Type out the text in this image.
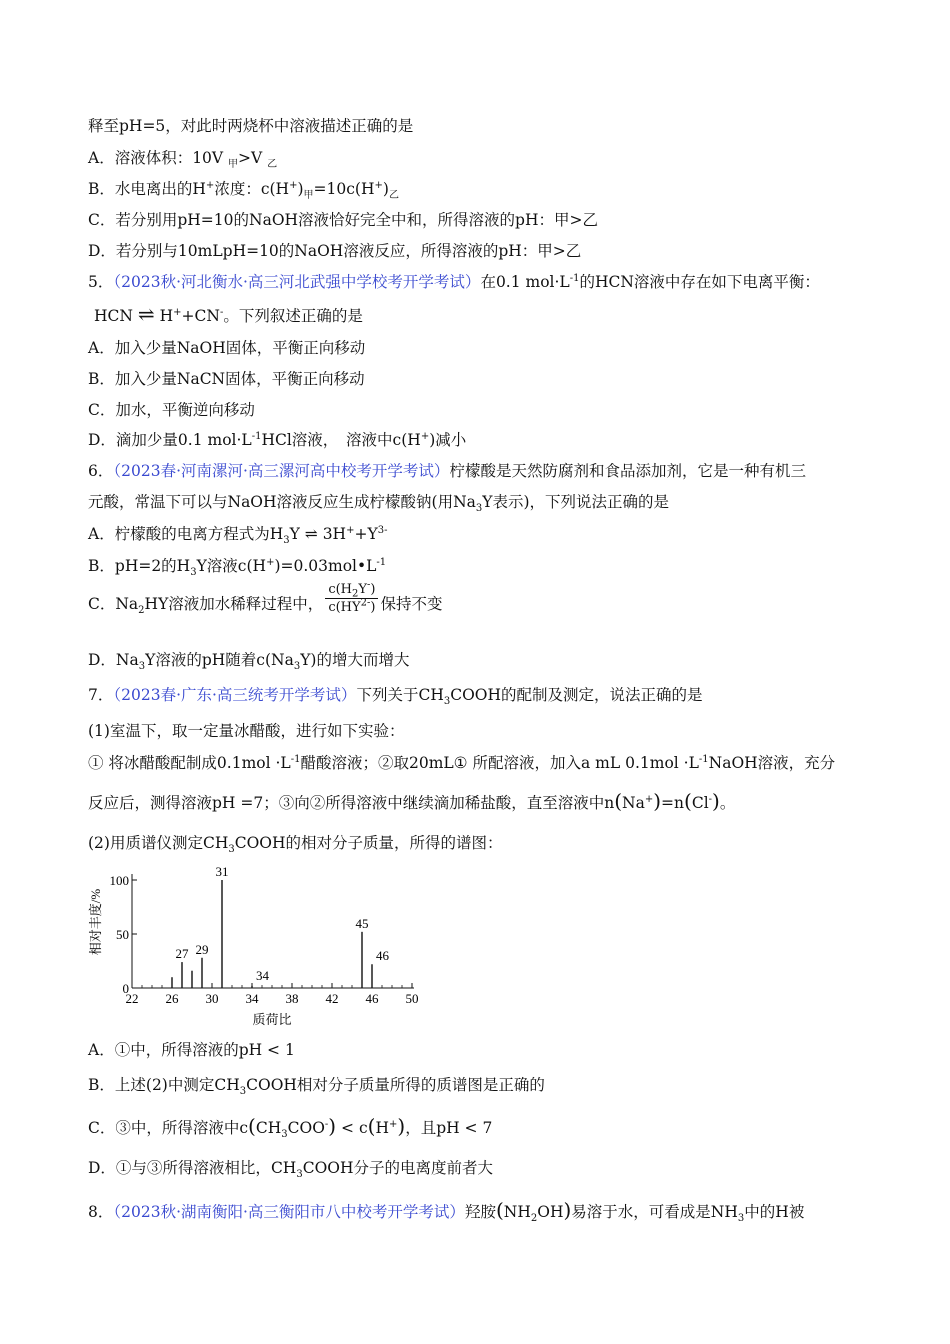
释至pH=5，对此时两烧杯中溶液描述正确的是
A．溶液体积：10V $_甲$>V $_乙$
B．水电离出的H+浓度：$c(H^+)_甲=10c(H^+)_乙$
C．若分别用pH=10的NaOH溶液恰好完全中和，所得溶液的pH：甲>乙
D．若分别与10mLpH=10的NaOH溶液反应，所得溶液的pH：甲>乙
5．（2023秋·河北衡水·高三河北武强中学校考开学考试）在0.1 $mol\cdot L^{-1}$的HCN溶液中存在如下电离平衡：
HCN ⇌ H++CN-。下列叙述正确的是
A．加入少量NaOH固体，平衡正向移动
B．加入少量NaCN固体，平衡正向移动
C．加水，平衡逆向移动
D．滴加少量0.1 $mol\cdot L^{-1}HCl$溶液，　溶液中c(H+)减小
6．（2023春·河南漯河·高三漯河高中校考开学考试）柠檬酸是天然防腐剂和食品添加剂，它是一种有机三
元酸，常温下可以与NaOH溶液反应生成柠檬酸钠(用$Na_3Y$表示)，下列说法正确的是
A．柠檬酸的电离方程式为$H_3Y$ ⇌ $3H^++Y^{3-}$
B．pH=2的$H_3Y$溶液$c(H^+)=0.03mol•L^{-1}$
C．$Na_2HY$溶液加水稀释过程中， $\frac{c(H_2Y^-)}{c(HY^{2-})}$ 保持不变
D．$Na_3Y$溶液的pH随着$c(Na_3Y)$的增大而增大
7．（2023春·广东·高三统考开学考试）下列关于$CH_3COOH$的配制及测定，说法正确的是
(1)室温下，取一定量冰醋酸，进行如下实验：
① 将冰醋酸配制成$0.1mol \cdot L^{-1}$醋酸溶液；②取20mL① 所配溶液，加入a mL $0.1mol \cdot L^{-1}NaOH$溶液，充分
反应后，测得溶液pH =7；③向②所得溶液中继续滴加稀盐酸，直至溶液中n(Na+)=n(Cl-)。
(2)用质谱仪测定$CH_3COOH$的相对分子质量，所得的谱图：
22 26 30 34 38 42 46 50
0
50
100
27 29
31
34
45
46
质荷比
相对丰度/%
A．①中，所得溶液的pH < 1
B．上述(2)中测定$CH_3COOH$相对分子质量所得的质谱图是正确的
C．③中，所得溶液中$c(CH_3COO^-) < c(H^+)$，且pH < 7
D．①与③所得溶液相比，$CH_3COOH$分子的电离度前者大
8．（2023秋·湖南衡阳·高三衡阳市八中校考开学考试）羟胺$(NH_2OH)$易溶于水，可看成是$NH_3$中的H被
